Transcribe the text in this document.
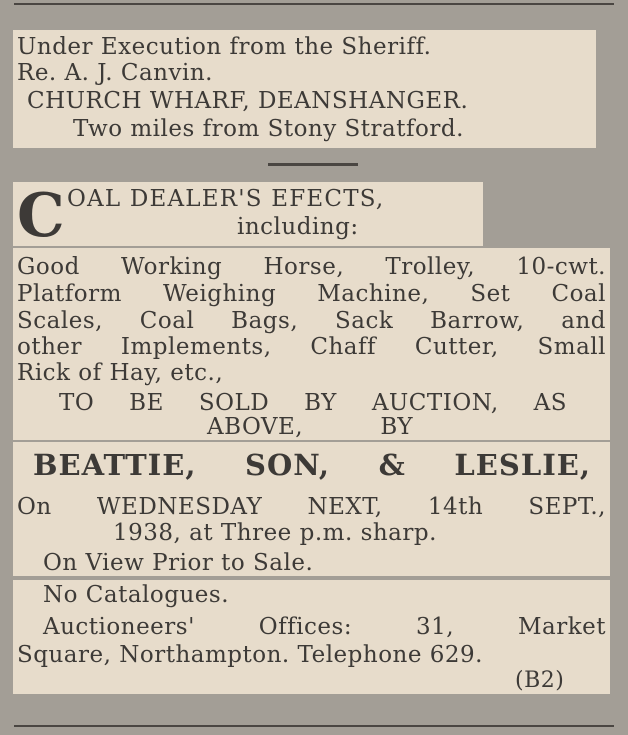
Under Execution from the Sheriff.
Re. A. J. Canvin.
CHURCH WHARF, DEANSHANGER.
Two miles from Stony Stratford.
C OAL DEALER'S EFECTS,
including:
Good Working Horse, Trolley, 10-cwt.
Platform Weighing Machine, Set Coal
Scales, Coal Bags, Sack Barrow, and
other Implements, Chaff Cutter, Small
Rick of Hay, etc.,
TO BE SOLD BY AUCTION, AS
ABOVE, BY
BEATTIE, SON, & LESLIE,
On WEDNESDAY NEXT, 14th SEPT.,
1938, at Three p.m. sharp.
On View Prior to Sale.
No Catalogues.
Auctioneers' Offices: 31, Market
Square, Northampton. Telephone 629.
(B2)
